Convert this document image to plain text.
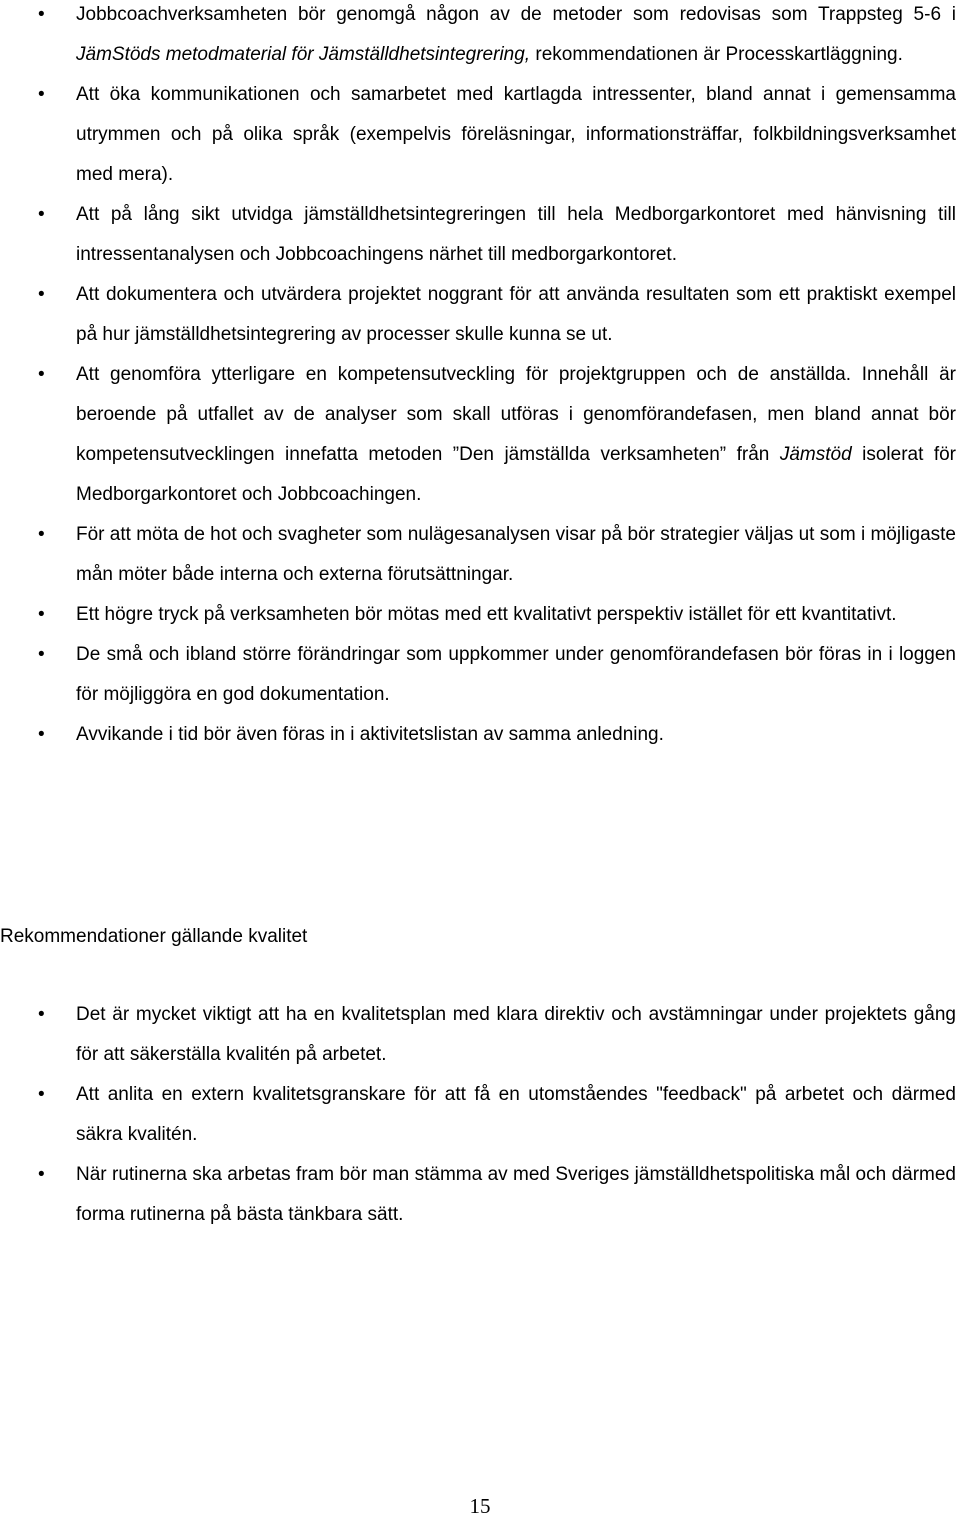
•	Jobbcoachverksamheten bör genomgå någon av de metoder som redovisas som Trappsteg 5-6 i JämStöds metodmaterial för Jämställdhetsintegrering, rekommendationen är Processkartläggning.
•	Att öka kommunikationen och samarbetet med kartlagda intressenter, bland annat i gemensamma utrymmen och på olika språk (exempelvis föreläsningar, informationsträffar, folkbildningsverksamhet med mera).
•	Att på lång sikt utvidga jämställdhetsintegreringen till hela Medborgarkontoret med hänvisning till intressentanalysen och Jobbcoachingens närhet till medborgarkontoret.
•	Att dokumentera och utvärdera projektet noggrant för att använda resultaten som ett praktiskt exempel på hur jämställdhetsintegrering av processer skulle kunna se ut.
•	Att genomföra ytterligare en kompetensutveckling för projektgruppen och de anställda. Innehåll är beroende på utfallet av de analyser som skall utföras i genomförandefasen, men bland annat bör kompetensutvecklingen innefatta metoden ”Den jämställda verksamheten” från Jämstöd isolerat för Medborgarkontoret och Jobbcoachingen.
•	För att möta de hot och svagheter som nulägesanalysen visar på bör strategier väljas ut som i möjligaste mån möter både interna och externa förutsättningar.
•	Ett högre tryck på verksamheten bör mötas med ett kvalitativt perspektiv istället för ett kvantitativt.
•	De små och ibland större förändringar som uppkommer under genomförandefasen bör föras in i loggen för möjliggöra en god dokumentation.
•	Avvikande i tid bör även föras in i aktivitetslistan av samma anledning.
Rekommendationer gällande kvalitet
•	Det är mycket viktigt att ha en kvalitetsplan med klara direktiv och avstämningar under projektets gång för att säkerställa kvalitén på arbetet.
•	Att anlita en extern kvalitetsgranskare för att få en utomståendes "feedback" på arbetet och därmed säkra kvalitén.
•	När rutinerna ska arbetas fram bör man stämma av med Sveriges jämställdhetspolitiska mål och därmed forma rutinerna på bästa tänkbara sätt.
15
